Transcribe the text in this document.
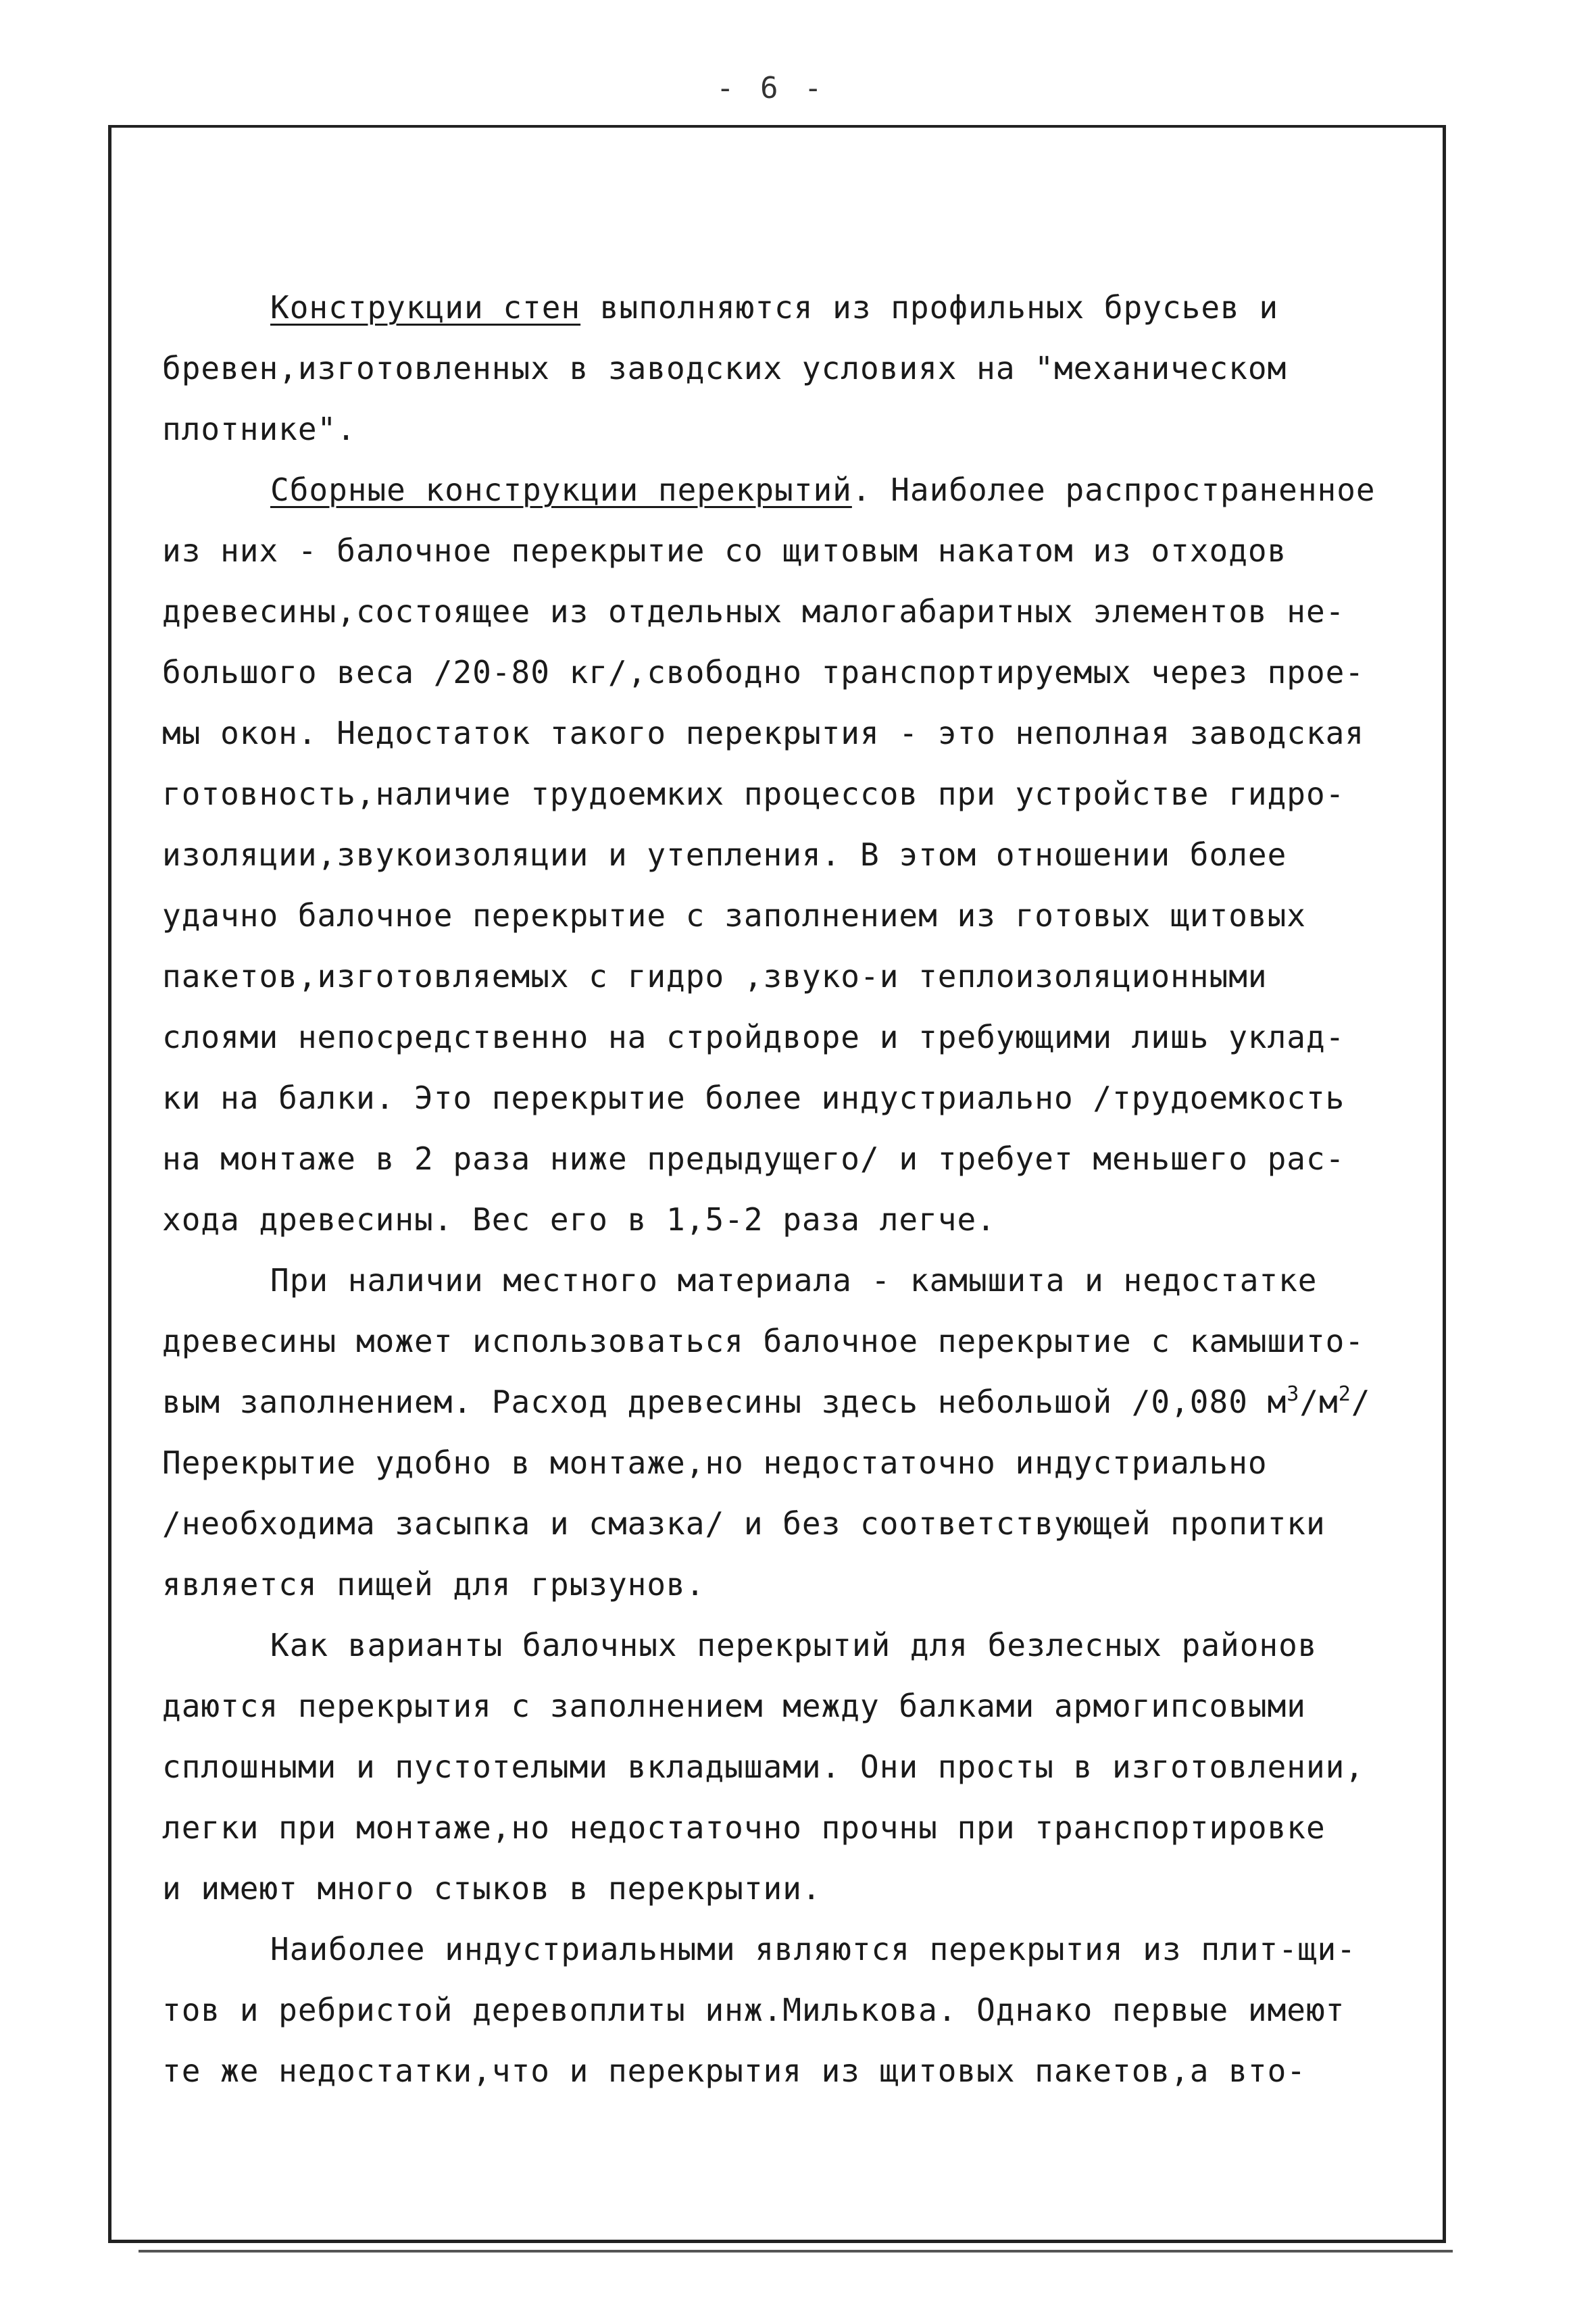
- 6 -
Конструкции стен выполняются из профильных брусьев и
бревен,изготовленных в заводских условиях на "механическом
плотнике".
Сборные конструкции перекрытий. Наиболее распространенное
из них - балочное перекрытие со щитовым накатом из отходов
древесины,состоящее из отдельных малогабаритных элементов не-
большого веса /20-80 кг/,свободно транспортируемых через прое-
мы окон. Недостаток такого перекрытия - это неполная заводская
готовность,наличие трудоемких процессов при устройстве гидро-
изоляции,звукоизоляции и утепления. В этом отношении более
удачно балочное перекрытие с заполнением из готовых щитовых
пакетов,изготовляемых с гидро ,звуко-и теплоизоляционными
слоями непосредственно на стройдворе и требующими лишь уклад-
ки на балки. Это перекрытие более индустриально /трудоемкость
на монтаже в 2 раза ниже предыдущего/ и требует меньшего рас-
хода древесины. Вес его в 1,5-2 раза легче.
При наличии местного материала - камышита и недостатке
древесины может использоваться балочное перекрытие с камышито-
вым заполнением. Расход древесины здесь небольшой /0,080 $м^3/м^2/$
Перекрытие удобно в монтаже,но недостаточно индустриально
/необходима засыпка и смазка/ и без соответствующей пропитки
является пищей для грызунов.
Как варианты балочных перекрытий для безлесных районов
даются перекрытия с заполнением между балками армогипсовыми
сплошными и пустотелыми вкладышами. Они просты в изготовлении,
легки при монтаже,но недостаточно прочны при транспортировке
и имеют много стыков в перекрытии.
Наиболее индустриальными являются перекрытия из плит-щи-
тов и ребристой деревоплиты инж.Милькова. Однако первые имеют
те же недостатки,что и перекрытия из щитовых пакетов,а вто-
